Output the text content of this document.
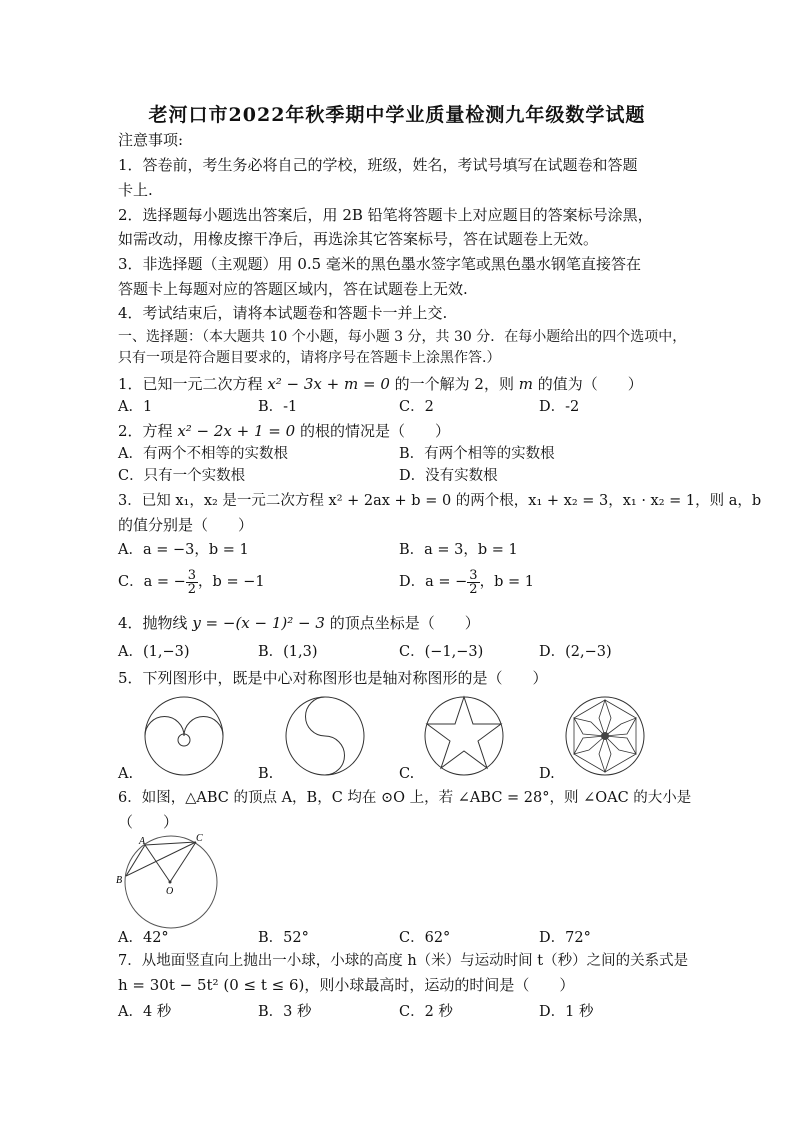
老河口市2022年秋季期中学业质量检测九年级数学试题
注意事项:
1．答卷前，考生务必将自己的学校，班级，姓名，考试号填写在试题卷和答题
卡上.
2．选择题每小题选出答案后，用 2B 铅笔将答题卡上对应题目的答案标号涂黑，
如需改动，用橡皮擦干净后，再选涂其它答案标号，答在试题卷上无效。
3．非选择题（主观题）用 0.5 毫米的黑色墨水签字笔或黑色墨水钢笔直接答在
答题卡上每题对应的答题区域内，答在试题卷上无效.
4．考试结束后，请将本试题卷和答题卡一并上交.
一、选择题：（本大题共 10 个小题，每小题 3 分，共 30 分．在每小题给出的四个选项中，
只有一项是符合题目要求的，请将序号在答题卡上涂黑作答.）
1．已知一元二次方程 x² − 3x + m = 0 的一个解为 2，则 m 的值为（　　）
A．1	B．-1	C．2	D．-2
2．方程 x² − 2x + 1 = 0 的根的情况是（　　）
A．有两个不相等的实数根	B．有两个相等的实数根
C．只有一个实数根	D．没有实数根
3．已知 x₁，x₂ 是一元二次方程 x² + 2ax + b = 0 的两个根，x₁ + x₂ = 3，x₁ · x₂ = 1，则 a，b
的值分别是（　　）
A．a = −3，b = 1	B．a = 3，b = 1
C．a = − $\frac{3}{2}$ ，b = −1	D．a = − $\frac{3}{2}$ ，b = 1
4．抛物线 y = −(x − 1)² − 3 的顶点坐标是（　　）
A．(1,−3)	B．(1,3)	C．(−1,−3)	D．(2,−3)
5．下列图形中，既是中心对称图形也是轴对称图形的是（　　）
A.	B.	C.	D.
6．如图，△ABC 的顶点 A，B，C 均在 ⊙O 上，若 ∠ABC = 28°，则 ∠OAC 的大小是
（　　）
A
B
C
O
A．42°	B．52°	C．62°	D．72°
7．从地面竖直向上抛出一小球，小球的高度 h（米）与运动时间 t（秒）之间的关系式是
h = 30t − 5t² (0 ≤ t ≤ 6)，则小球最高时，运动的时间是（　　）
A．4 秒	B．3 秒	C．2 秒	D．1 秒
